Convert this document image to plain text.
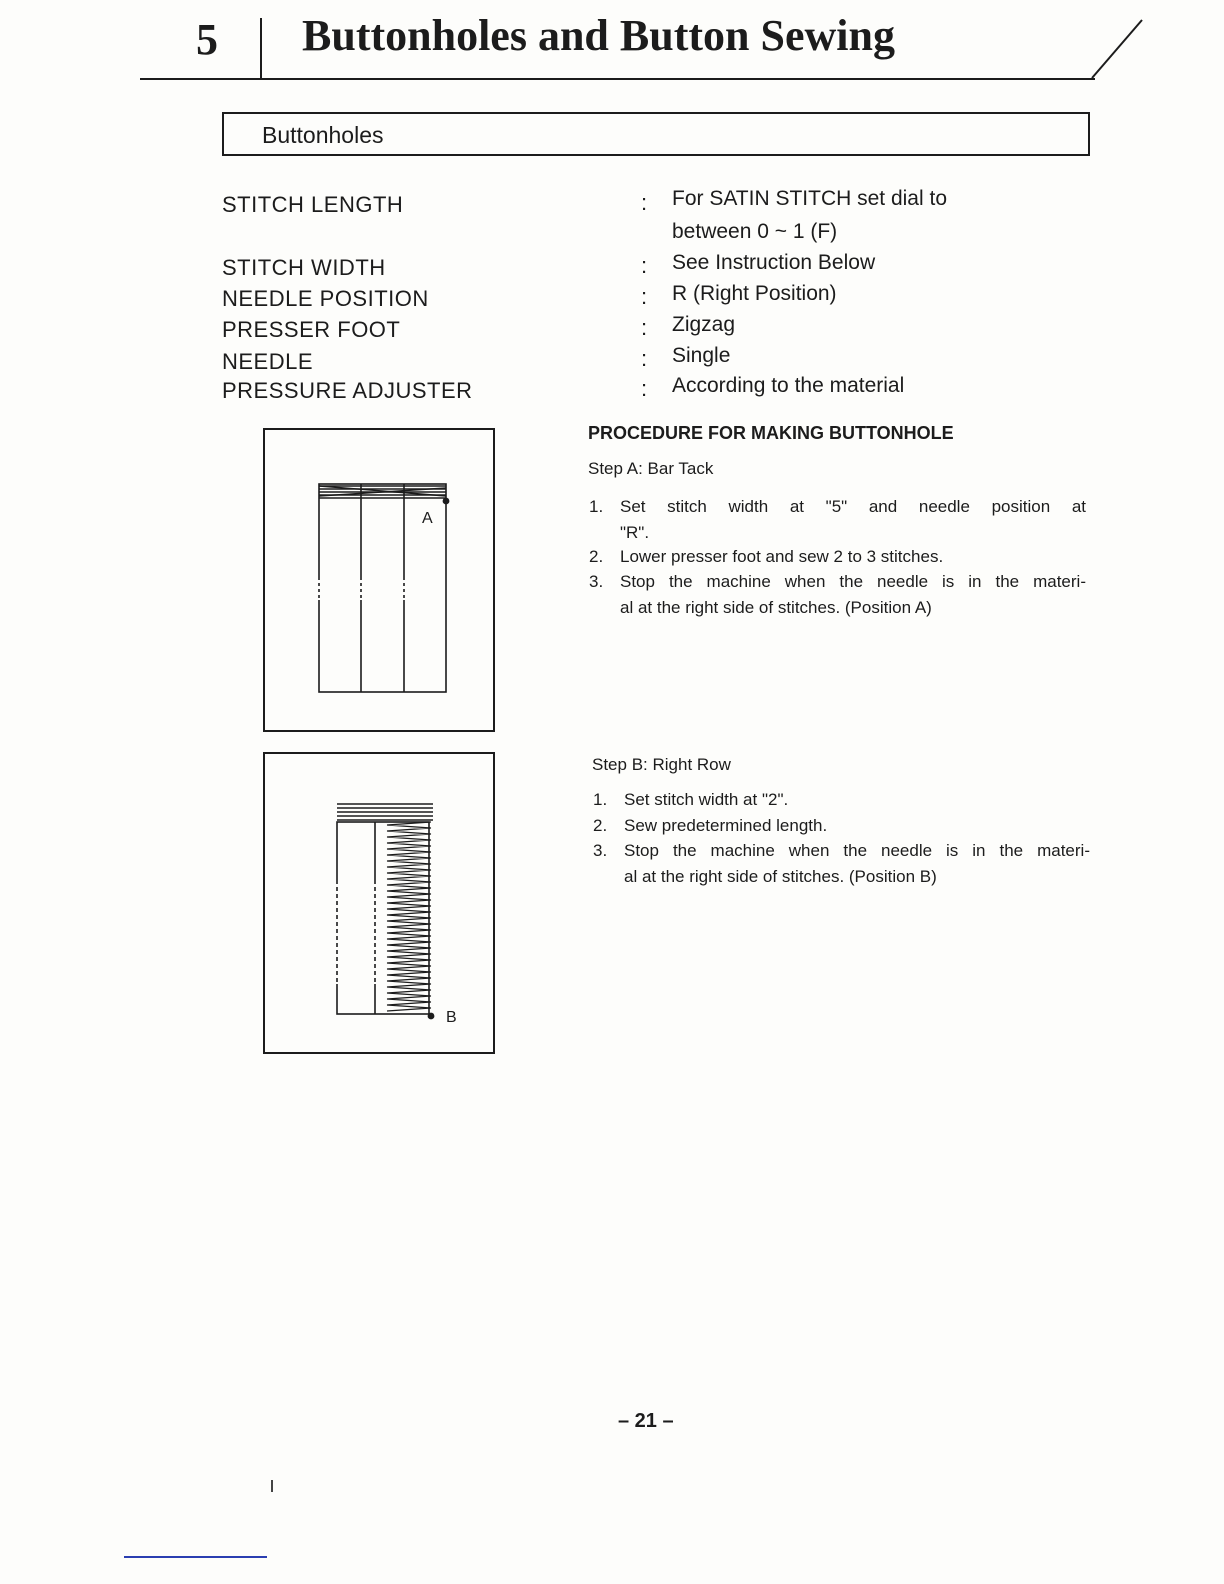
5 Buttonholes and Button Sewing
Buttonholes
STITCH LENGTH	: For SATIN STITCH set dial to
between 0 ~ 1 (F)
STITCH WIDTH	: See Instruction Below
NEEDLE POSITION	: R (Right Position)
PRESSER FOOT	: Zigzag
NEEDLE	: Single
PRESSURE ADJUSTER	: According to the material
PROCEDURE FOR MAKING BUTTONHOLE
Step A: Bar Tack
1. Set stitch width at "5" and needle position at
"R".
2. Lower presser foot and sew 2 to 3 stitches.
3. Stop the machine when the needle is in the materi-
al at the right side of stitches. (Position A)
Step B: Right Row
1. Set stitch width at "2".
2. Sew predetermined length.
3. Stop the machine when the needle is in the materi-
al at the right side of stitches. (Position B)
A
B
– 21 –
